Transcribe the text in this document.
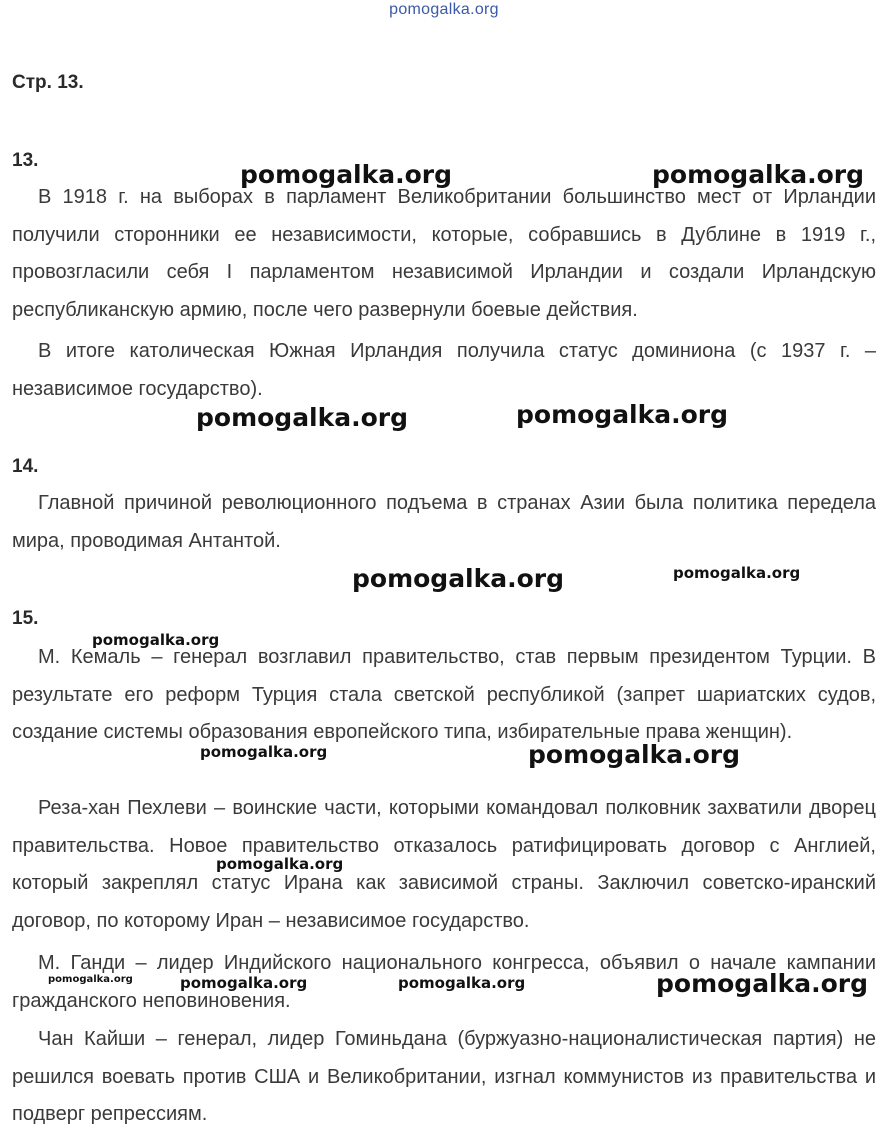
pomogalka.org
Стр. 13.
13.

В 1918 г. на выборах в парламент Великобритании большинство мест от Ирландии получили сторонники ее независимости, которые, собравшись в Дублине в 1919 г., провозгласили себя I парламентом независимой Ирландии и создали Ирландскую республиканскую армию, после чего развернули боевые действия.

В итоге католическая Южная Ирландия получила статус доминиона (с 1937 г. – независимое государство).

14.

Главной причиной революционного подъема в странах Азии была политика передела мира, проводимая Антантой.

15.

М. Кемаль – генерал возглавил правительство, став первым президентом Турции. В результате его реформ Турция стала светской республикой (запрет шариатских судов, создание системы образования европейского типа, избирательные права женщин).

Реза-хан Пехлеви – воинские части, которыми командовал полковник захватили дворец правительства. Новое правительство отказалось ратифицировать договор с Англией, который закреплял статус Ирана как зависимой страны. Заключил советско-иранский договор, по которому Иран – независимое государство.

М. Ганди – лидер Индийского национального конгресса, объявил о начале кампании гражданского неповиновения.

Чан Кайши – генерал, лидер Гоминьдана (буржуазно-националистическая партия) не решился воевать против США и Великобритании, изгнал коммунистов из правительства и подверг репрессиям.

pomogalka.org	pomogalka.org
pomogalka.org	pomogalka.org
pomogalka.org	pomogalka.org
pomogalka.org
pomogalka.org	pomogalka.org
pomogalka.org
pomogalka.org	pomogalka.org	pomogalka.org	pomogalka.org
